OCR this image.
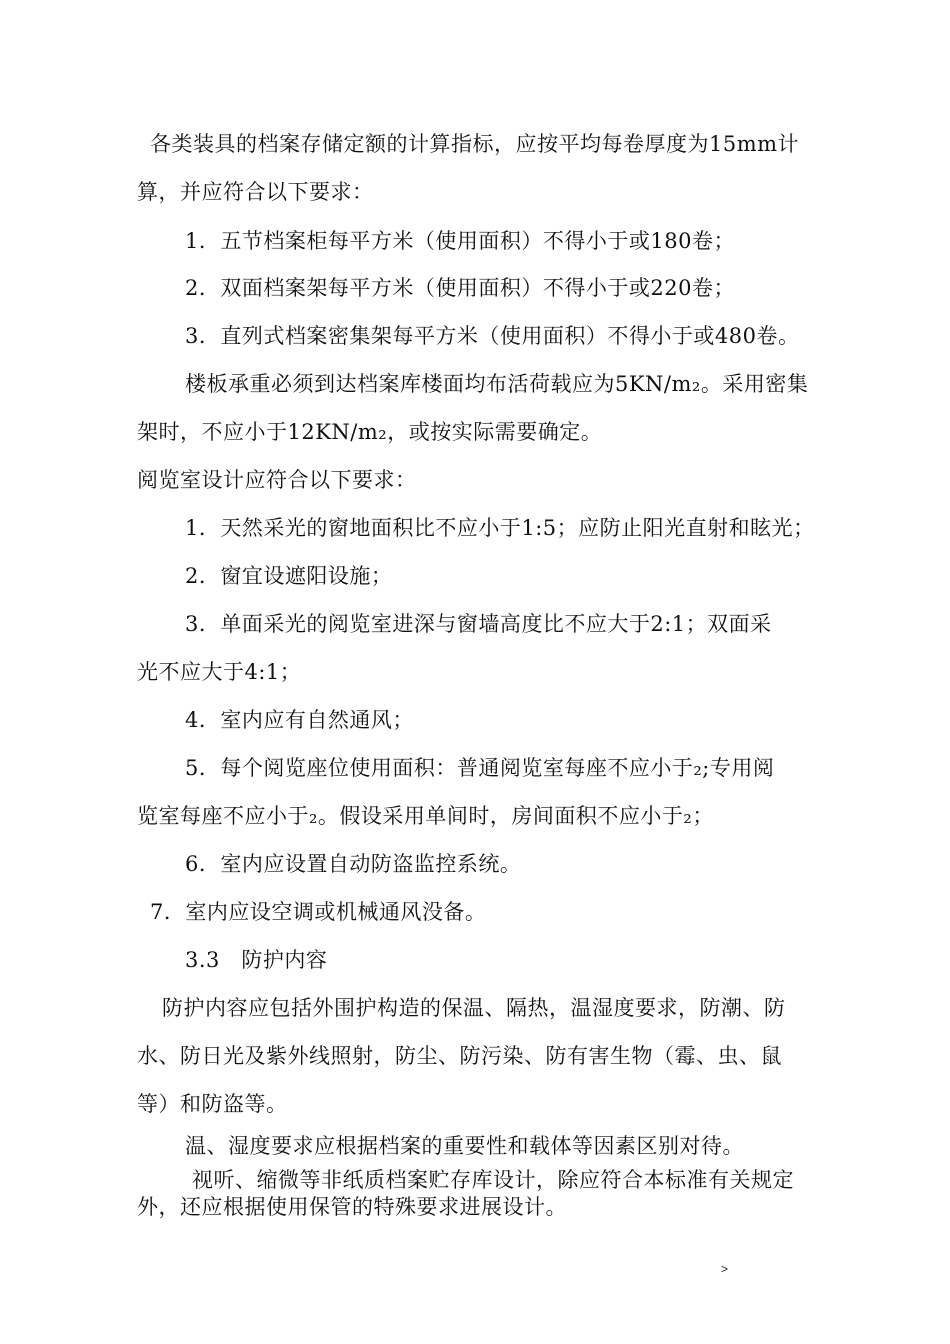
各类装具的档案存储定额的计算指标，应按平均每卷厚度为15mm计
算，并应符合以下要求：
1．五节档案柜每平方米（使用面积）不得小于或180卷；
2．双面档案架每平方米（使用面积）不得小于或220卷；
3．直列式档案密集架每平方米（使用面积）不得小于或480卷。
楼板承重必须到达档案库楼面均布活荷载应为5KN/m₂。采用密集
架时，不应小于12KN/m₂，或按实际需要确定。
阅览室设计应符合以下要求：
1．天然采光的窗地面积比不应小于1:5；应防止阳光直射和眩光；
2．窗宜设遮阳设施；
3．单面采光的阅览室进深与窗墙高度比不应大于2:1；双面采
光不应大于4:1；
4．室内应有自然通风；
5．每个阅览座位使用面积：普通阅览室每座不应小于₂;专用阅
览室每座不应小于₂。假设采用单间时，房间面积不应小于₂；
6．室内应设置自动防盗监控系统。
7．室内应设空调或机械通风没备。
3.3　防护内容
防护内容应包括外围护构造的保温、隔热，温湿度要求，防潮、防
水、防日光及紫外线照射，防尘、防污染、防有害生物（霉、虫、鼠
等）和防盗等。
温、湿度要求应根据档案的重要性和载体等因素区别对待。
视听、缩微等非纸质档案贮存库设计，除应符合本标准有关规定
外，还应根据使用保管的特殊要求进展设计。
>
